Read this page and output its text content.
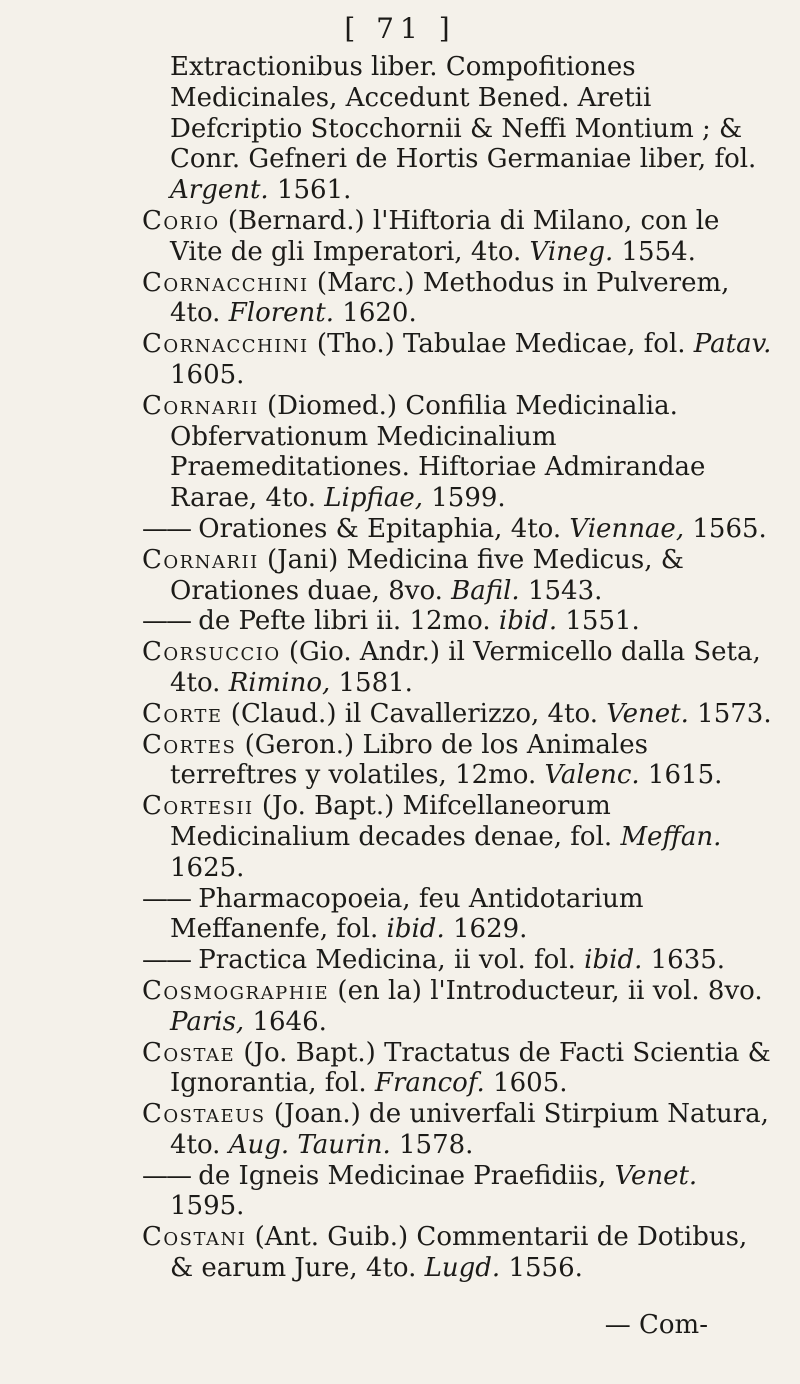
[ 71 ]

Extractionibus liber. Compofitiones Medicinales, Accedunt Bened. Aretii Defcriptio Stocchornii & Neffi Montium ; & Conr. Gefneri de Hortis Germaniae liber, fol. Argent. 1561.

Corio (Bernard.) l'Hiftoria di Milano, con le Vite de gli Imperatori, 4to. Vineg. 1554.

Cornacchini (Marc.) Methodus in Pulverem, 4to. Florent. 1620.

Cornacchini (Tho.) Tabulae Medicae, fol. Patav. 1605.

Cornarii (Diomed.) Confilia Medicinalia. Obfervationum Medicinalium Praemeditationes. Hiftoriae Admirandae Rarae, 4to. Lipfiae, 1599.

—— Orationes & Epitaphia, 4to. Viennae, 1565.

Cornarii (Jani) Medicina five Medicus, & Orationes duae, 8vo. Bafil. 1543.

—— de Pefte libri ii. 12mo. ibid. 1551.

Corsuccio (Gio. Andr.) il Vermicello dalla Seta, 4to. Rimino, 1581.

Corte (Claud.) il Cavallerizzo, 4to. Venet. 1573.

Cortes (Geron.) Libro de los Animales terreftres y volatiles, 12mo. Valenc. 1615.

Cortesii (Jo. Bapt.) Mifcellaneorum Medicinalium decades denae, fol. Meffan. 1625.

—— Pharmacopoeia, feu Antidotarium Meffanenfe, fol. ibid. 1629.

—— Practica Medicina, ii vol. fol. ibid. 1635.

Cosmographie (en la) l'Introducteur, ii vol. 8vo. Paris, 1646.

Costae (Jo. Bapt.) Tractatus de Facti Scientia & Ignorantia, fol. Francof. 1605.

Costaeus (Joan.) de univerfali Stirpium Natura, 4to. Aug. Taurin. 1578.

—— de Igneis Medicinae Praefidiis, Venet. 1595.

Costani (Ant. Guib.) Commentarii de Dotibus, & earum Jure, 4to. Lugd. 1556.

— Com-
